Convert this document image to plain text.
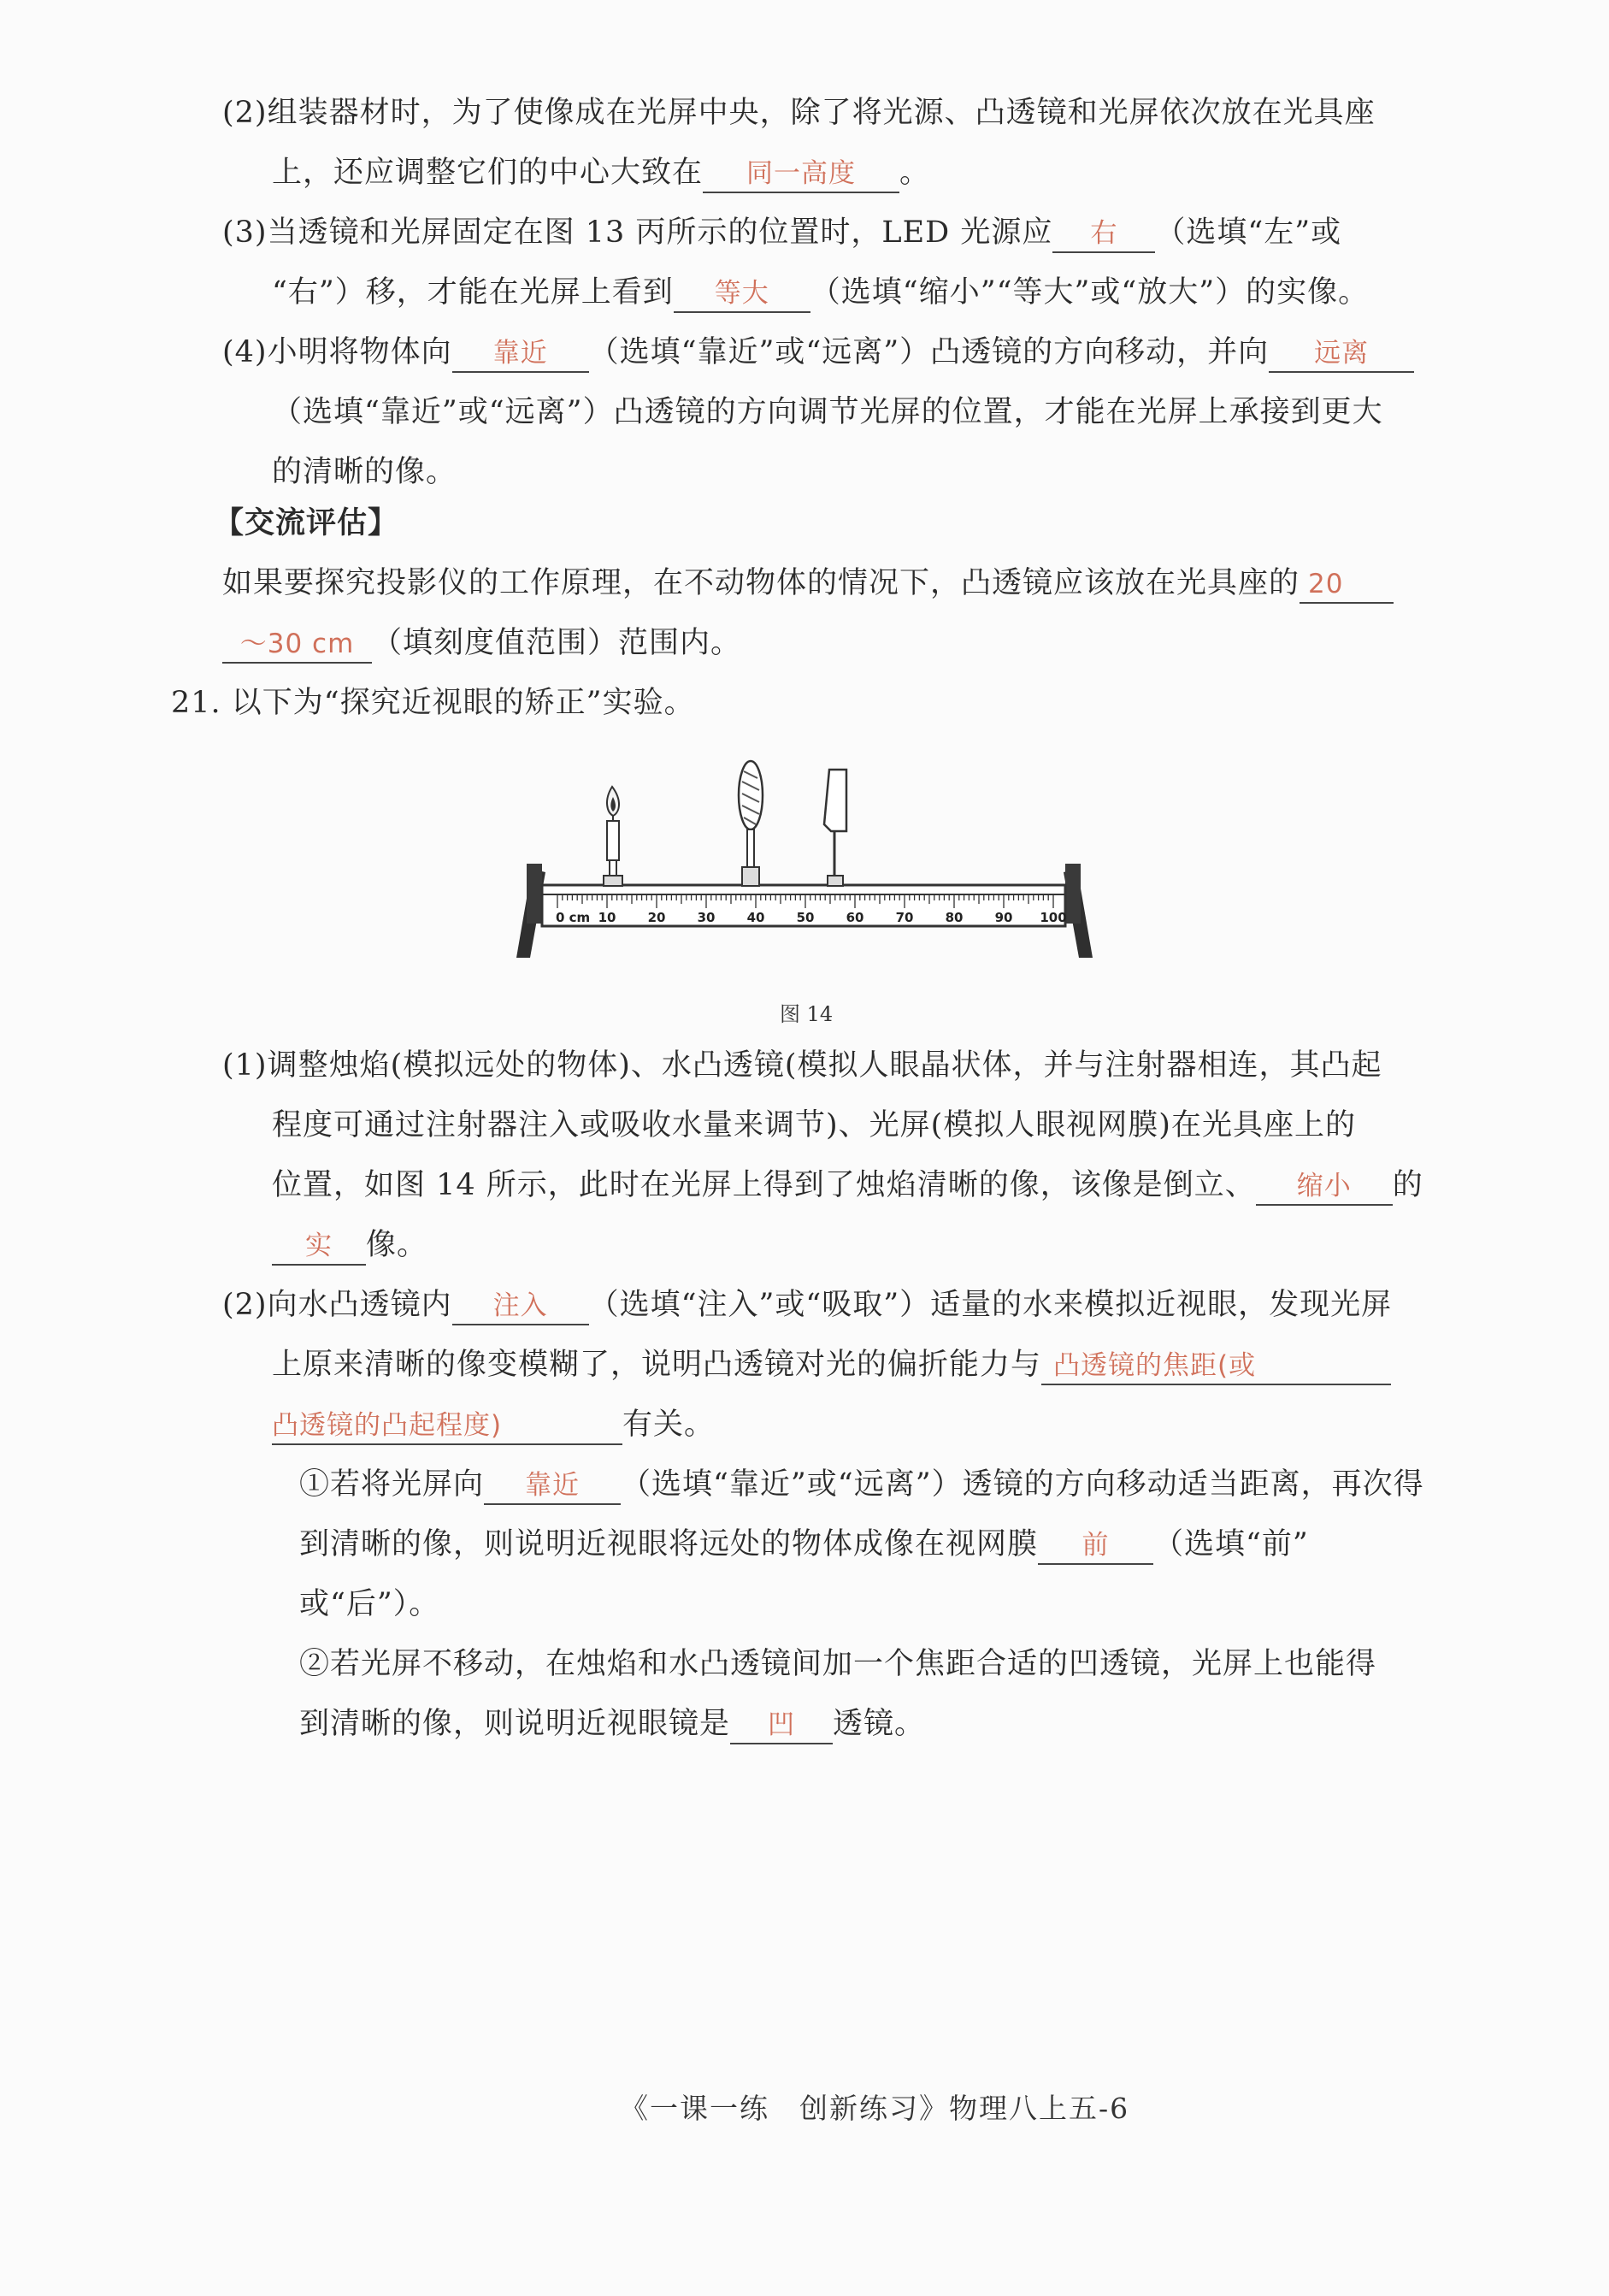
(2)组装器材时，为了使像成在光屏中央，除了将光源、凸透镜和光屏依次放在光具座
上，还应调整它们的中心大致在 同一高度 。
(3)当透镜和光屏固定在图 13 丙所示的位置时，LED 光源应 右 （选填“左”或
“右”）移，才能在光屏上看到 等大 （选填“缩小”“等大”或“放大”）的实像。
(4)小明将物体向 靠近 （选填“靠近”或“远离”）凸透镜的方向移动，并向 远离
（选填“靠近”或“远离”）凸透镜的方向调节光屏的位置，才能在光屏上承接到更大
的清晰的像。
【交流评估】
如果要探究投影仪的工作原理，在不动物体的情况下，凸透镜应该放在光具座的 20
～30 cm （填刻度值范围）范围内。
21. 以下为“探究近视眼的矫正”实验。
0 cm 10 20 30 40 50 60 70 80 90 100
图 14
(1)调整烛焰(模拟远处的物体)、水凸透镜(模拟人眼晶状体，并与注射器相连，其凸起
程度可通过注射器注入或吸收水量来调节)、光屏(模拟人眼视网膜)在光具座上的
位置，如图 14 所示，此时在光屏上得到了烛焰清晰的像，该像是倒立、 缩小 的
实 像。
(2)向水凸透镜内 注入 （选填“注入”或“吸取”）适量的水来模拟近视眼，发现光屏
上原来清晰的像变模糊了，说明凸透镜对光的偏折能力与 凸透镜的焦距(或
凸透镜的凸起程度)	有关。
①若将光屏向 靠近 （选填“靠近”或“远离”）透镜的方向移动适当距离，再次得
到清晰的像，则说明近视眼将远处的物体成像在视网膜 前 （选填“前”
或“后”）。
②若光屏不移动，在烛焰和水凸透镜间加一个焦距合适的凹透镜，光屏上也能得
到清晰的像，则说明近视眼镜是 凹 透镜。
《一课一练　创新练习》物理八上五-6
